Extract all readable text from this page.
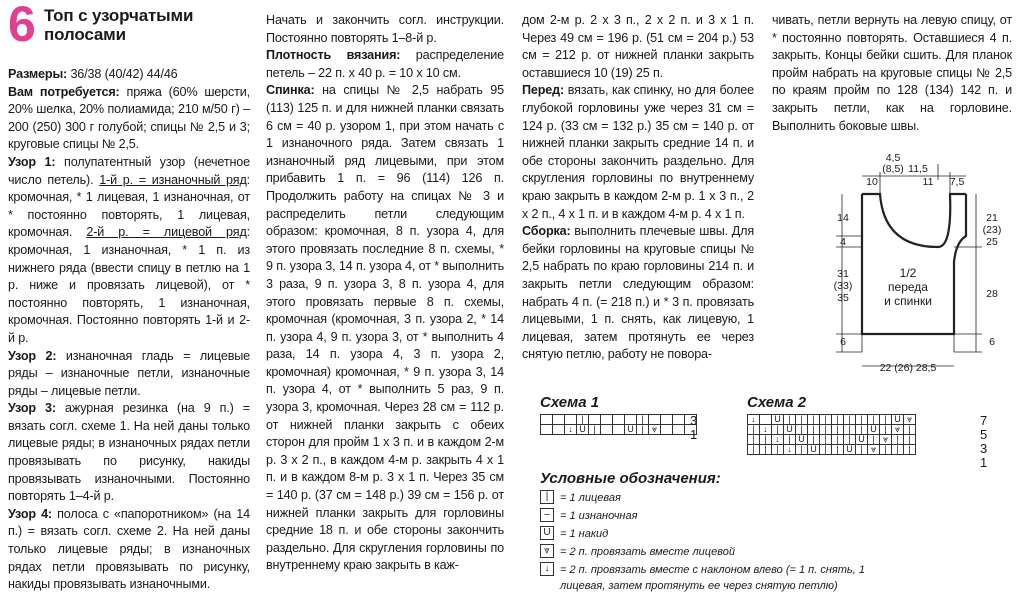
6 Топ с узорчатыми полосами

Размеры: 36/38 (40/42) 44/46

Вам потребуется: пряжа (60% шерсти, 20% шелка, 20% полиамида; 210 м/50 г) – 200 (250) 300 г голубой; спицы № 2,5 и 3; круговые спицы № 2,5.

Узор 1: полупатентный узор (нечетное число петель). 1-й р. = изнаночный ряд: кромочная, * 1 лицевая, 1 изнаночная, от * постоянно повторять, 1 лицевая, кромочная. 2-й р. = лицевой ряд: кромочная, 1 изнаночная, * 1 п. из нижнего ряда (ввести спицу в петлю на 1 р. ниже и провязать лицевой), от * постоянно повторять, 1 изнаночная, кромочная. Постоянно повторять 1-й и 2-й р.

Узор 2: изнаночная гладь = лицевые ряды – изнаночные петли, изнаночные ряды – лицевые петли.

Узор 3: ажурная резинка (на 9 п.) = вязать согл. схеме 1. На ней даны только лицевые ряды; в изнаночных рядах петли провязывать по рисунку, накиды провязывать изнаночными. Постоянно повторять 1–4-й р.

Узор 4: полоса с «папоротником» (на 14 п.) = вязать согл. схеме 2. На ней даны только лицевые ряды; в изнаночных рядах петли провязывать по рисунку, накиды провязывать изнаночными.

Начать и закончить согл. инструкции. Постоянно повторять 1–8-й р.

Плотность вязания: распределение петель – 22 п. х 40 р. = 10 х 10 см.

Спинка: на спицы № 2,5 набрать 95 (113) 125 п. и для нижней планки связать 6 см = 40 р. узором 1, при этом начать с 1 изнаночного ряда. Затем связать 1 изнаночный ряд лицевыми, при этом прибавить 1 п. = 96 (114) 126 п. Продолжить работу на спицах № 3 и распределить петли следующим образом: кромочная, 8 п. узора 4, для этого провязать последние 8 п. схемы, * 9 п. узора 3, 14 п. узора 4, от * выполнить 3 раза, 9 п. узора 3, 8 п. узора 4, для этого провязать первые 8 п. схемы, кромочная (кромочная, 3 п. узора 2, * 14 п. узора 4, 9 п. узора 3, от * выполнить 4 раза, 14 п. узора 4, 3 п. узора 2, кромочная) кромочная, * 9 п. узора 3, 14 п. узора 4, от * выполнить 5 раз, 9 п. узора 3, кромочная. Через 28 см = 112 р. от нижней планки закрыть с обеих сторон для пройм 1 х 3 п. и в каждом 2-м р. 3 х 2 п., в каждом 4-м р. закрыть 4 х 1 п. и в каждом 8-м р. 3 х 1 п. Через 35 см = 140 р. (37 см = 148 р.) 39 см = 156 р. от нижней планки закрыть для горловины средние 18 п. и обе стороны закончить раздельно. Для скругления горловины по внутреннему краю закрыть в каж-

дом 2-м р. 2 х 3 п., 2 х 2 п. и 3 х 1 п. Через 49 см = 196 р. (51 см = 204 р.) 53 см = 212 р. от нижней планки закрыть оставшиеся 10 (19) 25 п.

Перед: вязать, как спинку, но для более глубокой горловины уже через 31 см = 124 р. (33 см = 132 р.) 35 см = 140 р. от нижней планки закрыть средние 14 п. и обе стороны закончить раздельно. Для скругления горловины по внутреннему краю закрыть в каждом 2-м р. 1 х 3 п., 2 х 2 п., 4 х 1 п. и в каждом 4-м р. 4 х 1 п.

Сборка: выполнить плечевые швы. Для бейки горловины на круговые спицы № 2,5 набрать по краю горловины 214 п. и закрыть петли следующим образом: набрать 4 п. (= 218 п.) и * 3 п. провязать лицевыми, 1 п. снять, как лицевую, 1 лицевая, затем протянуть ее через снятую петлю, работу не поворa-

чивать, петли вернуть на левую спицу, от * постоянно повторять. Оставшиеся 4 п. закрыть. Концы бейки сшить. Для планок пройм набрать на круговые спицы № 2,5 по краям пройм по 128 (134) 142 п. и закрыть петли, как на горловине. Выполнить боковые швы.

4,5
(8,5) 11,5
10	11 7,5
14
4
31
(33)
35
6
21
(23)
25
28
6
1/2
переда
и спинки
22 (26) 28,5
Схема 1
			|					|				
		↓	U	|			U	|	⩔			
3
1
Схема 2
↓		U	|	|	|	|	|	|	|	|	|	U	⩔
|	↓	|	U	|	|	|	|	|	|	U	|	⩔	|
|	|	↓	|	U	|	|	|	|	U	|	⩔	|	|
|	|	|	↓	|	U	|	|	U	|	⩔	|	|	|
7
5
3
1
Условные обозначения:
|	= 1 лицевая
– = 1 изнаночная
U = 1 накид
⩔ = 2 п. провязать вместе лицевой
↓ = 2 п. провязать вместе с наклоном влево (= 1 п. снять, 1 лицевая, затем протянуть ее через снятую петлю)
